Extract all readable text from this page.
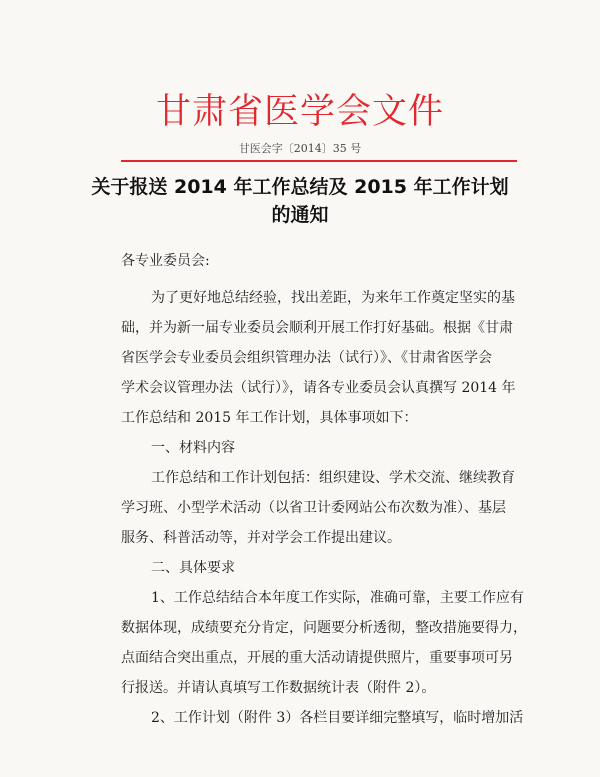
甘肃省医学会文件
甘医会字〔2014〕35 号
关于报送 2014 年工作总结及 2015 年工作计划
的通知
各专业委员会:
为了更好地总结经验，找出差距，为来年工作奠定坚实的基
础，并为新一届专业委员会顺利开展工作打好基础。根据《甘肃
省医学会专业委员会组织管理办法（试行）》、《甘肃省医学会
学术会议管理办法（试行）》，请各专业委员会认真撰写 2014 年
工作总结和 2015 年工作计划，具体事项如下：
一、材料内容
工作总结和工作计划包括：组织建设、学术交流、继续教育
学习班、小型学术活动（以省卫计委网站公布次数为准）、基层
服务、科普活动等，并对学会工作提出建议。
二、具体要求
1、工作总结结合本年度工作实际，准确可靠，主要工作应有
数据体现，成绩要充分肯定，问题要分析透彻，整改措施要得力，
点面结合突出重点，开展的重大活动请提供照片，重要事项可另
行报送。并请认真填写工作数据统计表（附件 2）。
2、工作计划（附件 3）各栏目要详细完整填写，临时增加活
